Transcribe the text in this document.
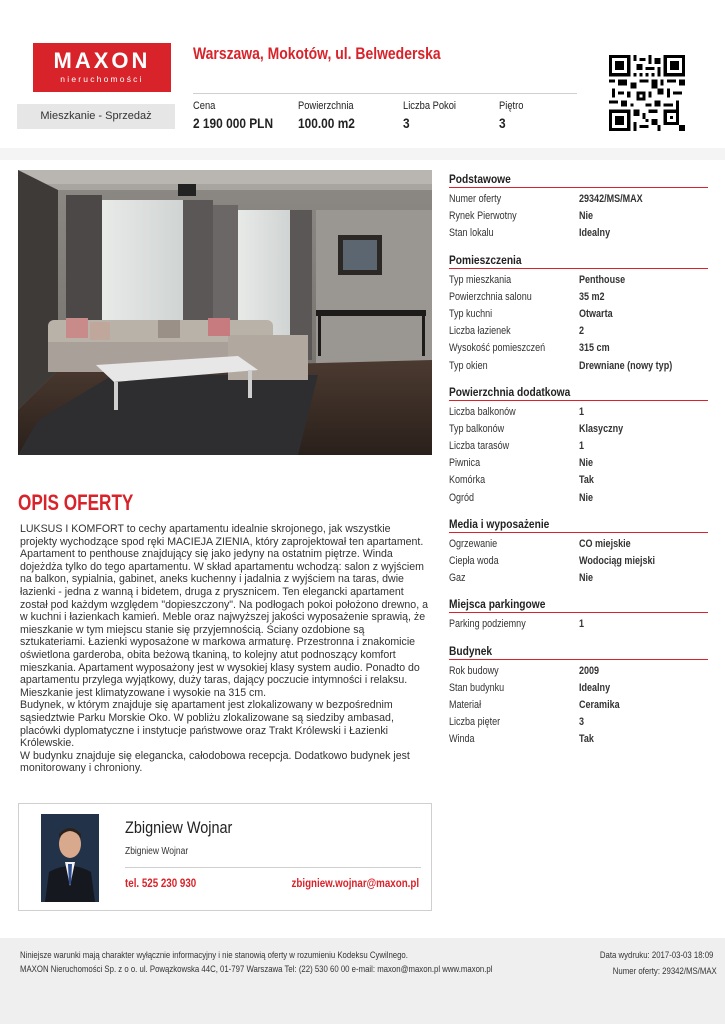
MAXON
nieruchomości
Warszawa, Mokotów, ul. Belwederska
Mieszkanie - Sprzedaż
Cena
2 190 000 PLN
Powierzchnia
100.00 m2
Liczba Pokoi
3
Piętro
3
OPIS OFERTY

LUKSUS I KOMFORT to cechy apartamentu idealnie skrojonego, jak wszystkie projekty wychodzące spod ręki MACIEJA ZIENIA, który zaprojektował ten apartament. Apartament to penthouse znajdujący się jako jedyny na ostatnim piętrze. Winda dojeżdża tylko do tego apartamentu. W skład apartamentu wchodzą: salon z wyjściem na balkon, sypialnia, gabinet, aneks kuchenny i jadalnia z wyjściem na taras, dwie łazienki - jedna z wanną i bidetem, druga z prysznicem. Ten elegancki apartament został pod każdym względem "dopieszczony". Na podłogach pokoi położono drewno, a w kuchni i łazienkach kamień. Meble oraz najwyższej jakości wyposażenie sprawią, że mieszkanie w tym miejscu stanie się przyjemnością. Ściany ozdobione są sztukateriami. Łazienki wyposażone w markowa armaturę. Przestronna i znakomicie oświetlona garderoba, obita beżową tkaniną, to kolejny atut podnoszący komfort mieszkania. Apartament wyposażony jest w wysokiej klasy system audio. Ponadto do apartamentu przylega wyjątkowy, duży taras, dający poczucie intymności i relaksu. Mieszkanie jest klimatyzowane i wysokie na 315 cm.

Budynek, w którym znajduje się apartament jest zlokalizowany w bezpośrednim sąsiedztwie Parku Morskie Oko. W pobliżu zlokalizowane są siedziby ambasad, placówki dyplomatyczne i instytucje państwowe oraz Trakt Królewski i Łazienki Królewskie.

W budynku znajduje się elegancka, całodobowa recepcja. Dodatkowo budynek jest monitorowany i chroniony.

Zbigniew Wojnar
Zbigniew Wojnar
tel. 525 230 930	zbigniew.wojnar@maxon.pl
Podstawowe
Numer oferty	29342/MS/MAX
Rynek Pierwotny	Nie
Stan lokalu	Idealny
Pomieszczenia
Typ mieszkania	Penthouse
Powierzchnia salonu	35 m2
Typ kuchni	Otwarta
Liczba łazienek	2
Wysokość pomieszczeń	315 cm
Typ okien	Drewniane (nowy typ)
Powierzchnia dodatkowa
Liczba balkonów	1
Typ balkonów	Klasyczny
Liczba tarasów	1
Piwnica	Nie
Komórka	Tak
Ogród	Nie
Media i wyposażenie
Ogrzewanie	CO miejskie
Ciepła woda	Wodociąg miejski
Gaz	Nie
Miejsca parkingowe
Parking podziemny	1
Budynek
Rok budowy	2009
Stan budynku	Idealny
Materiał	Ceramika
Liczba pięter	3
Winda	Tak
Niniejsze warunki mają charakter wyłącznie informacyjny i nie stanowią oferty w rozumieniu Kodeksu Cywilnego.
MAXON Nieruchomości Sp. z o o. ul. Powązkowska 44C, 01-797 Warszawa Tel: (22) 530 60 00 e-mail: maxon@maxon.pl www.maxon.pl
Data wydruku: 2017-03-03 18:09
Numer oferty: 29342/MS/MAX
